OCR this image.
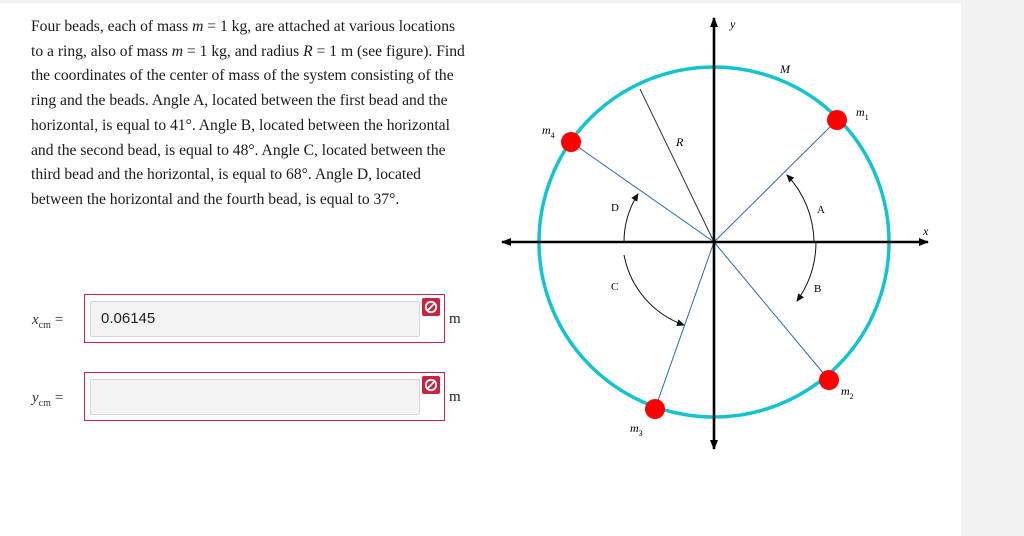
Four beads, each of mass m = 1 kg, are attached at various locations to a ring, also of mass m = 1 kg, and radius R = 1 m (see figure). Find the coordinates of the center of mass of the system consisting of the ring and the beads. Angle A, located between the first bead and the horizontal, is equal to 41°. Angle B, located between the horizontal and the second bead, is equal to 48°. Angle C, located between the third bead and the horizontal, is equal to 68°. Angle D, located between the horizontal and the fourth bead, is equal to 37°.
$x_{cm}$ =	0.06145	m
$y_{cm}$ =	m
y
x
M
R
A
B
C
D
$m_1$
$m_2$
$m_3$
$m_4$
